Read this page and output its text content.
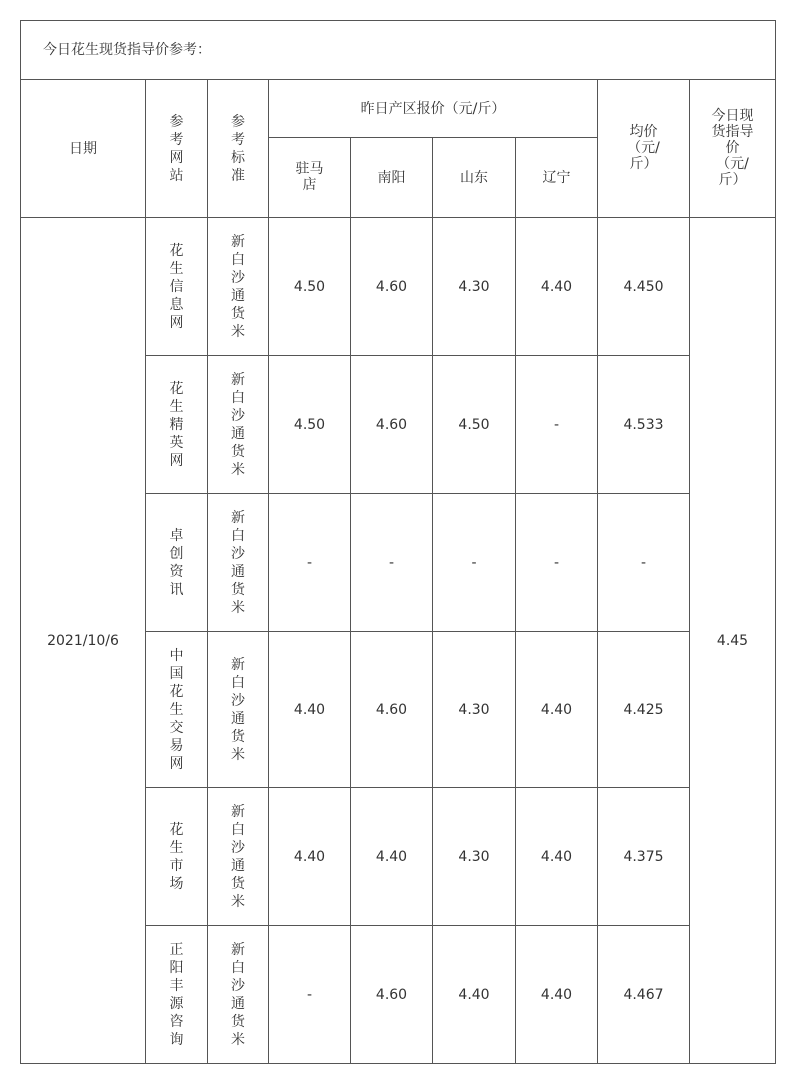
今日花生现货指导价参考：								
日期	参考网站	参考标准	昨日产区报价（元/斤）				均价（元/斤）	今日现货指导价（元/斤）
			驻马店	南阳	山东	辽宁		
2021/10/6	花生信息网	新白沙通货米	4.50	4.60	4.30	4.40	4.450	4.45
	花生精英网	新白沙通货米	4.50	4.60	4.50	-	4.533	
	卓创资讯	新白沙通货米	-	-	-	-	-	
	中国花生交易网	新白沙通货米	4.40	4.60	4.30	4.40	4.425	
	花生市场	新白沙通货米	4.40	4.40	4.30	4.40	4.375	
	正阳丰源咨询	新白沙通货米	-	4.60	4.40	4.40	4.467	
